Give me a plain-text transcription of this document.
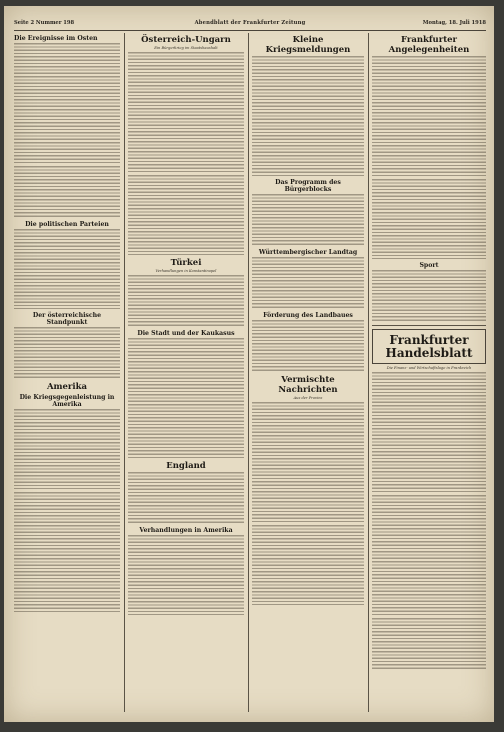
Seite 2 Nummer 198	Abendblatt der Frankfurter Zeitung	Montag, 18. Juli 1918
Die Ereignisse im Osten
Die politischen Parteien
Der österreichische Standpunkt
Amerika
Die Kriegsgegenleistung in Amerika
Österreich-Ungarn
Ein Bürgerkrieg im Staatshaushalt
Türkei
Verhandlungen in Konstantinopel
Die Stadt und der Kaukasus
England
Verhandlungen in Amerika
Kleine Kriegsmeldungen
Das Programm des Bürgerblocks
Württembergischer Landtag
Förderung des Landbaues
Vermischte Nachrichten
Aus der Provinz
Frankfurter Angelegenheiten
Sport
Frankfurter Handelsblatt
Die Finanz- und Wirtschaftslage in Frankreich
